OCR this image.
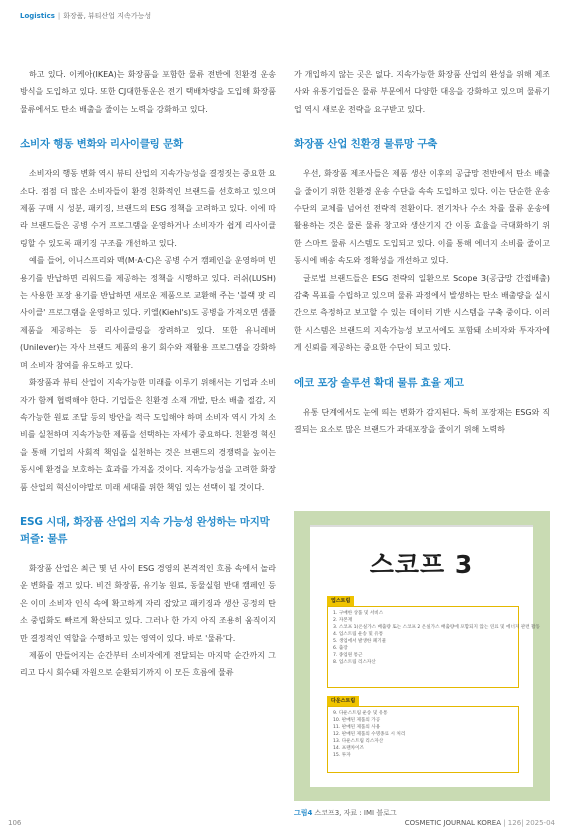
Logistics | 화장품, 뷰티산업 지속가능성

하고 있다. 이케아(IKEA)는 화장품을 포함한 물류 전반에 친환경 운송 방식을 도입하고 있다. 또한 CJ대한통운은 전기 택배차량을 도입해 화장품 물류에서도 탄소 배출을 줄이는 노력을 강화하고 있다.

소비자 행동 변화와 리사이클링 문화

소비자의 행동 변화 역시 뷰티 산업의 지속가능성을 결정짓는 중요한 요소다. 점점 더 많은 소비자들이 환경 친화적인 브랜드를 선호하고 있으며 제품 구매 시 성분, 패키징, 브랜드의 ESG 정책을 고려하고 있다. 이에 따라 브랜드들은 공병 수거 프로그램을 운영하거나 소비자가 쉽게 리사이클링할 수 있도록 패키징 구조를 개선하고 있다.

예를 들어, 이니스프리와 맥(M·A·C)은 공병 수거 캠페인을 운영하며 빈 용기를 반납하면 리워드를 제공하는 정책을 시행하고 있다. 러쉬(LUSH)는 사용한 포장 용기를 반납하면 새로운 제품으로 교환해 주는 '블랙 팟 리사이클' 프로그램을 운영하고 있다. 키엘(Kiehl's)도 공병을 가져오면 샘플 제품을 제공하는 등 리사이클링을 장려하고 있다. 또한 유니레버(Unilever)는 자사 브랜드 제품의 용기 회수와 재활용 프로그램을 강화하며 소비자 참여를 유도하고 있다.

화장품과 뷰티 산업이 지속가능한 미래를 이루기 위해서는 기업과 소비자가 함께 협력해야 한다. 기업들은 친환경 소재 개발, 탄소 배출 절감, 지속가능한 원료 조달 등의 방안을 적극 도입해야 하며 소비자 역시 가치 소비를 실천하며 지속가능한 제품을 선택하는 자세가 중요하다. 친환경 혁신을 통해 기업의 사회적 책임을 실천하는 것은 브랜드의 경쟁력을 높이는 동시에 환경을 보호하는 효과를 가져올 것이다. 지속가능성을 고려한 화장품 산업의 혁신이야말로 미래 세대를 위한 책임 있는 선택이 될 것이다.

ESG 시대, 화장품 산업의 지속 가능성 완성하는 마지막 퍼즐: 물류

화장품 산업은 최근 몇 년 사이 ESG 경영의 본격적인 흐름 속에서 놀라운 변화를 겪고 있다. 비건 화장품, 유기농 원료, 동물실험 반대 캠페인 등은 이미 소비자 인식 속에 확고하게 자리 잡았고 패키징과 생산 공정의 탄소 중립화도 빠르게 확산되고 있다. 그러나 한 가지 아직 조용히 움직이지만 결정적인 역할을 수행하고 있는 영역이 있다. 바로 '물류'다.

제품이 만들어지는 순간부터 소비자에게 전달되는 마지막 순간까지 그리고 다시 회수돼 자원으로 순환되기까지 이 모든 흐름에 물류

가 개입하지 않는 곳은 없다. 지속가능한 화장품 산업의 완성을 위해 제조사와 유통기업들은 물류 부문에서 다양한 대응을 강화하고 있으며 물류기업 역시 새로운 전략을 요구받고 있다.

화장품 산업 친환경 물류망 구축

우선, 화장품 제조사들은 제품 생산 이후의 공급망 전반에서 탄소 배출을 줄이기 위한 친환경 운송 수단을 속속 도입하고 있다. 이는 단순한 운송 수단의 교체를 넘어선 전략적 전환이다. 전기차나 수소 차를 물류 운송에 활용하는 것은 물론 물류 창고와 생산기지 간 이동 효율을 극대화하기 위한 스마트 물류 시스템도 도입되고 있다. 이를 통해 에너지 소비를 줄이고 동시에 배송 속도와 정확성을 개선하고 있다.

글로벌 브랜드들은 ESG 전략의 일환으로 Scope 3(공급망 간접배출) 감축 목표를 수립하고 있으며 물류 과정에서 발생하는 탄소 배출량을 실시간으로 측정하고 보고할 수 있는 데이터 기반 시스템을 구축 중이다. 이러한 시스템은 브랜드의 지속가능성 보고서에도 포함돼 소비자와 투자자에게 신뢰를 제공하는 중요한 수단이 되고 있다.

에코 포장 솔루션 확대 물류 효율 제고

유통 단계에서도 눈에 띄는 변화가 감지된다. 특히 포장재는 ESG와 직결되는 요소로 많은 브랜드가 과대포장을 줄이기 위해 노력하

스코프 3
업스트림
1. 구매한 상품 및 서비스
2. 자본재
3. 스코프 1(온실가스 배출량 또는 스코프 2 온실가스 배출량에 포함되지 않는 연료 및 에너지 관련 활동
4. 업스트림 운송 및 유통
5. 생업에서 발생한 폐기물
6. 출장
7. 종업원 통근
8. 업스트림 리스자산
다운스트림
9. 다운스트림 운송 및 유통
10. 판매된 제품의 가공
11. 판매된 제품의 사용
12. 판매된 제품의 수명종료 시 처리
13. 다운스트림 리스자산
14. 프랜차이즈
15. 투자
그림4 스코프3, 자료 : IMI 블로그
106	COSMETIC JOURNAL KOREA | 126| 2025-04
